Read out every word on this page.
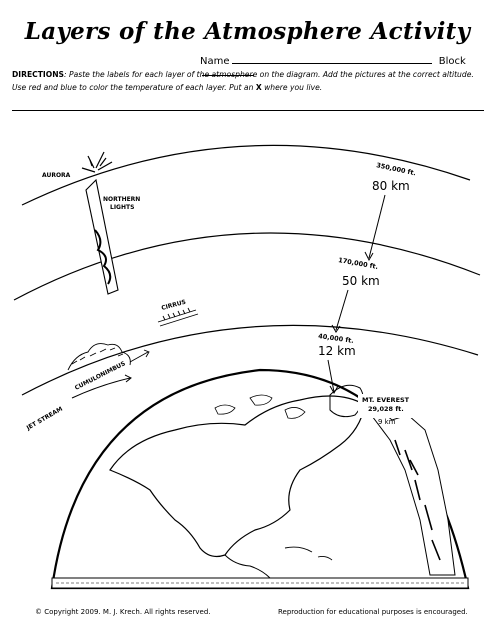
Layers of the Atmosphere Activity
Name	Block
DIRECTIONS: Paste the labels for each layer of the atmosphere on the diagram. Add the pictures at the correct altitude. Use red and blue to color the temperature of each layer. Put an X where you live.
MT. EVEREST
29,028 ft.
9 km
350,000 ft.
80 km
170,000 ft.
50 km
40,000 ft.
12 km
AURORA
NORTHERN
LIGHTS
CIRRUS
CUMULONIMBUS
JET STREAM
© Copyright 2009. M. J. Krech. All rights reserved.	Reproduction for educational purposes is encouraged.
